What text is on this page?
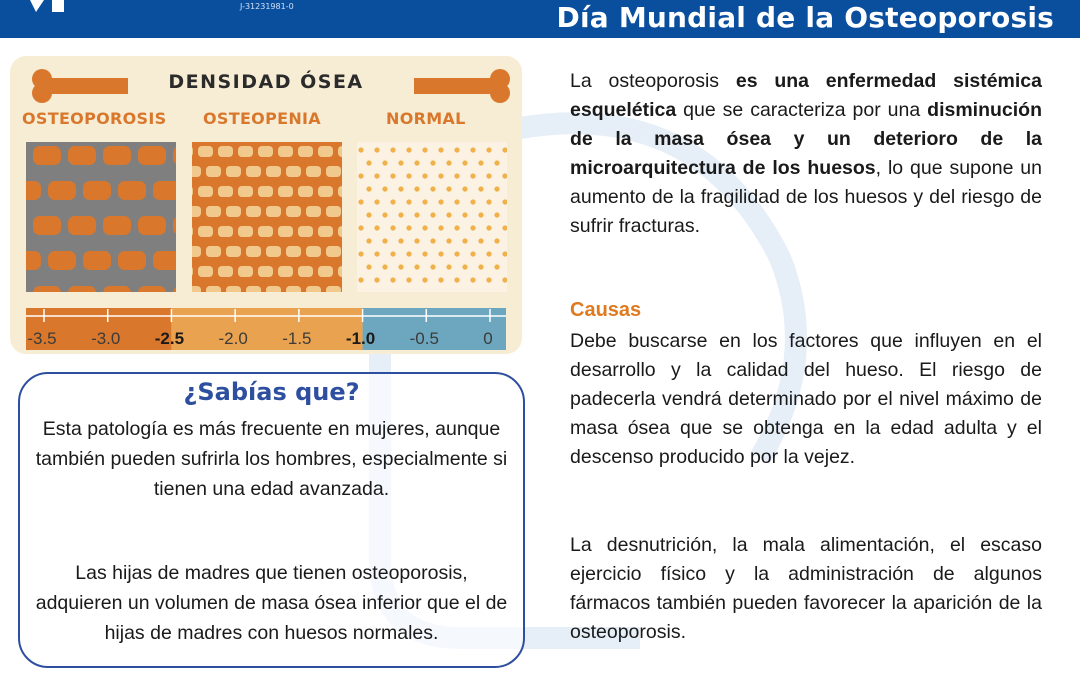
J-31231981-0	Día Mundial de la Osteoporosis
DENSIDAD ÓSEA
OSTEOPOROSIS OSTEOPENIA	NORMAL
-3.5 -3.0 -2.5 -2.0 -1.5 -1.0 -0.5	0
¿Sabías que?
Esta patología es más frecuente en mujeres, aunque también pueden sufrirla los hombres, especialmente si tienen una edad avanzada.
Las hijas de madres que tienen osteoporosis, adquieren un volumen de masa ósea inferior que el de hijas de madres con huesos normales.
La osteoporosis es una enfermedad sistémica esquelética que se caracteriza por una disminución de la masa ósea y un deterioro de la microarquitectura de los huesos, lo que supone un aumento de la fragilidad de los huesos y del riesgo de sufrir fracturas.
Causas
Debe buscarse en los factores que influyen en el desarrollo y la calidad del hueso. El riesgo de padecerla vendrá determinado por el nivel máximo de masa ósea que se obtenga en la edad adulta y el descenso producido por la vejez.
La desnutrición, la mala alimentación, el escaso ejercicio físico y la administración de algunos fármacos también pueden favorecer la aparición de la osteoporosis.
